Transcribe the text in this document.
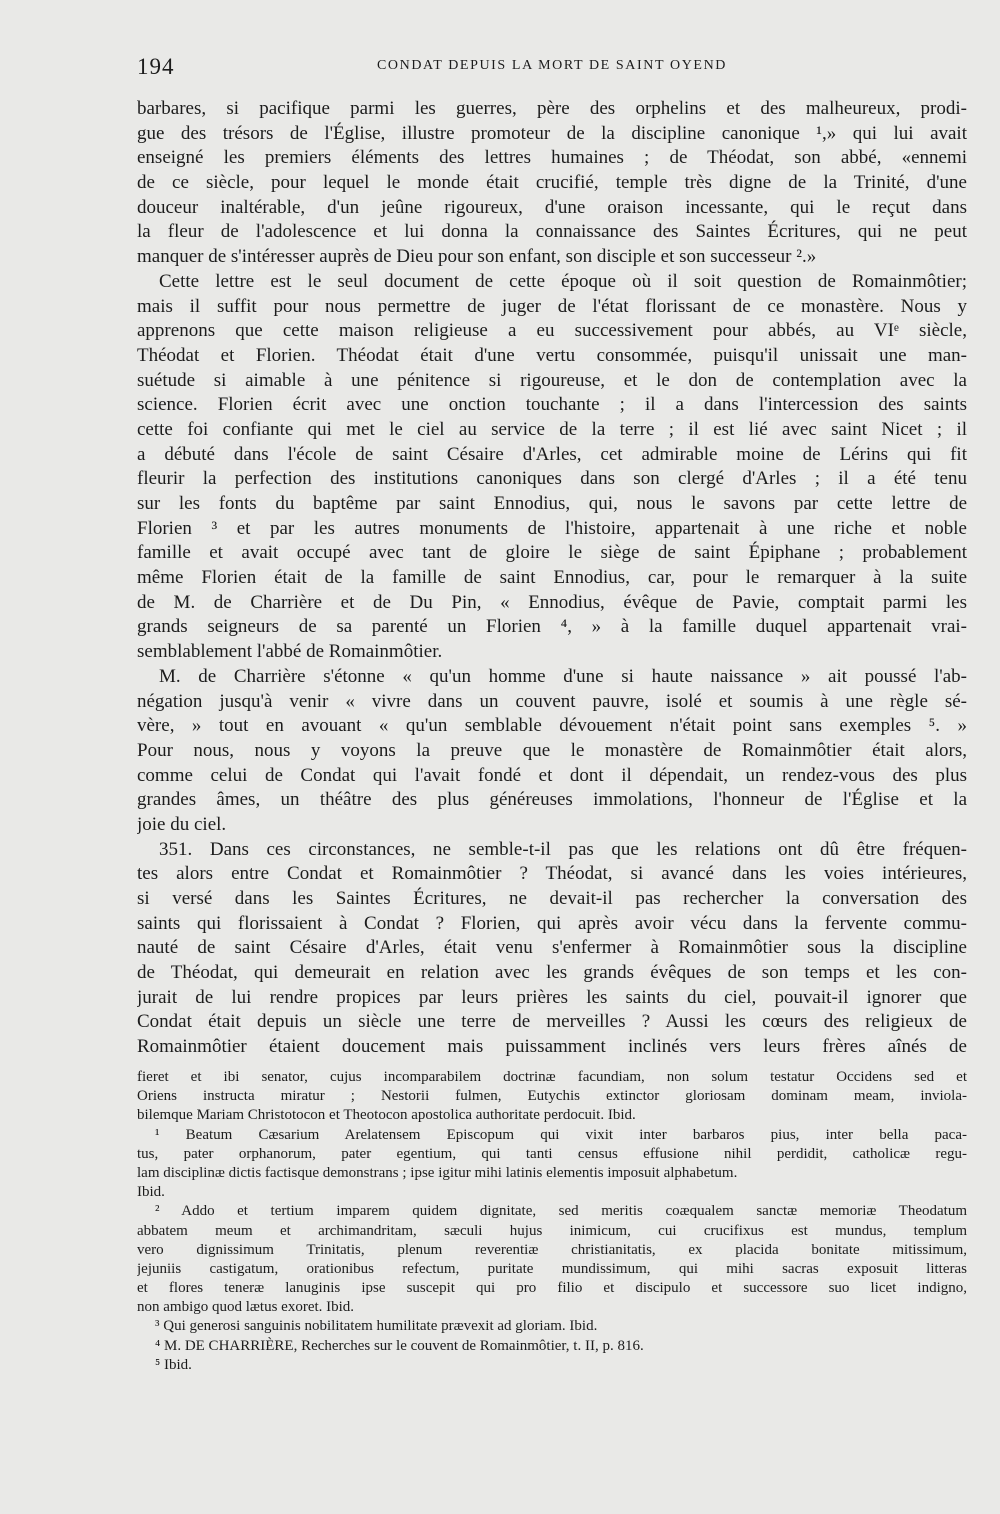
194	CONDAT DEPUIS LA MORT DE SAINT OYEND
barbares, si pacifique parmi les guerres, père des orphelins et des malheureux, prodi-
gue des trésors de l'Église, illustre promoteur de la discipline canonique ¹,» qui lui avait
enseigné les premiers éléments des lettres humaines ; de Théodat, son abbé, «ennemi
de ce siècle, pour lequel le monde était crucifié, temple très digne de la Trinité, d'une
douceur inaltérable, d'un jeûne rigoureux, d'une oraison incessante, qui le reçut dans
la fleur de l'adolescence et lui donna la connaissance des Saintes Écritures, qui ne peut
manquer de s'intéresser auprès de Dieu pour son enfant, son disciple et son successeur ².»
Cette lettre est le seul document de cette époque où il soit question de Romainmôtier;
mais il suffit pour nous permettre de juger de l'état florissant de ce monastère. Nous y
apprenons que cette maison religieuse a eu successivement pour abbés, au VIᵉ siècle,
Théodat et Florien. Théodat était d'une vertu consommée, puisqu'il unissait une man-
suétude si aimable à une pénitence si rigoureuse, et le don de contemplation avec la
science. Florien écrit avec une onction touchante ; il a dans l'intercession des saints
cette foi confiante qui met le ciel au service de la terre ; il est lié avec saint Nicet ; il
a débuté dans l'école de saint Césaire d'Arles, cet admirable moine de Lérins qui fit
fleurir la perfection des institutions canoniques dans son clergé d'Arles ; il a été tenu
sur les fonts du baptême par saint Ennodius, qui, nous le savons par cette lettre de
Florien ³ et par les autres monuments de l'histoire, appartenait à une riche et noble
famille et avait occupé avec tant de gloire le siège de saint Épiphane ; probablement
même Florien était de la famille de saint Ennodius, car, pour le remarquer à la suite
de M. de Charrière et de Du Pin, « Ennodius, évêque de Pavie, comptait parmi les
grands seigneurs de sa parenté un Florien ⁴, » à la famille duquel appartenait vrai-
semblablement l'abbé de Romainmôtier.
M. de Charrière s'étonne « qu'un homme d'une si haute naissance » ait poussé l'ab-
négation jusqu'à venir « vivre dans un couvent pauvre, isolé et soumis à une règle sé-
vère, » tout en avouant « qu'un semblable dévouement n'était point sans exemples ⁵. »
Pour nous, nous y voyons la preuve que le monastère de Romainmôtier était alors,
comme celui de Condat qui l'avait fondé et dont il dépendait, un rendez-vous des plus
grandes âmes, un théâtre des plus généreuses immolations, l'honneur de l'Église et la
joie du ciel.
351. Dans ces circonstances, ne semble-t-il pas que les relations ont dû être fréquen-
tes alors entre Condat et Romainmôtier ? Théodat, si avancé dans les voies intérieures,
si versé dans les Saintes Écritures, ne devait-il pas rechercher la conversation des
saints qui florissaient à Condat ? Florien, qui après avoir vécu dans la fervente commu-
nauté de saint Césaire d'Arles, était venu s'enfermer à Romainmôtier sous la discipline
de Théodat, qui demeurait en relation avec les grands évêques de son temps et les con-
jurait de lui rendre propices par leurs prières les saints du ciel, pouvait-il ignorer que
Condat était depuis un siècle une terre de merveilles ? Aussi les cœurs des religieux de
Romainmôtier étaient doucement mais puissamment inclinés vers leurs frères aînés de
fieret et ibi senator, cujus incomparabilem doctrinæ facundiam, non solum testatur Occidens sed et
Oriens instructa miratur ; Nestorii fulmen, Eutychis extinctor gloriosam dominam meam, inviola-
bilemque Mariam Christotocon et Theotocon apostolica authoritate perdocuit. Ibid.
¹ Beatum Cæsarium Arelatensem Episcopum qui vixit inter barbaros pius, inter bella paca-
tus, pater orphanorum, pater egentium, qui tanti census effusione nihil perdidit, catholicæ regu-
lam disciplinæ dictis factisque demonstrans ; ipse igitur mihi latinis elementis imposuit alphabetum.
Ibid.
² Addo et tertium imparem quidem dignitate, sed meritis coæqualem sanctæ memoriæ Theodatum
abbatem meum et archimandritam, sæculi hujus inimicum, cui crucifixus est mundus, templum
vero dignissimum Trinitatis, plenum reverentiæ christianitatis, ex placida bonitate mitissimum,
jejuniis castigatum, orationibus refectum, puritate mundissimum, qui mihi sacras exposuit litteras
et flores teneræ lanuginis ipse suscepit qui pro filio et discipulo et successore suo licet indigno,
non ambigo quod lætus exoret. Ibid.
³ Qui generosi sanguinis nobilitatem humilitate prævexit ad gloriam. Ibid.
⁴ M. DE CHARRIÈRE, Recherches sur le couvent de Romainmôtier, t. II, p. 816.
⁵ Ibid.
